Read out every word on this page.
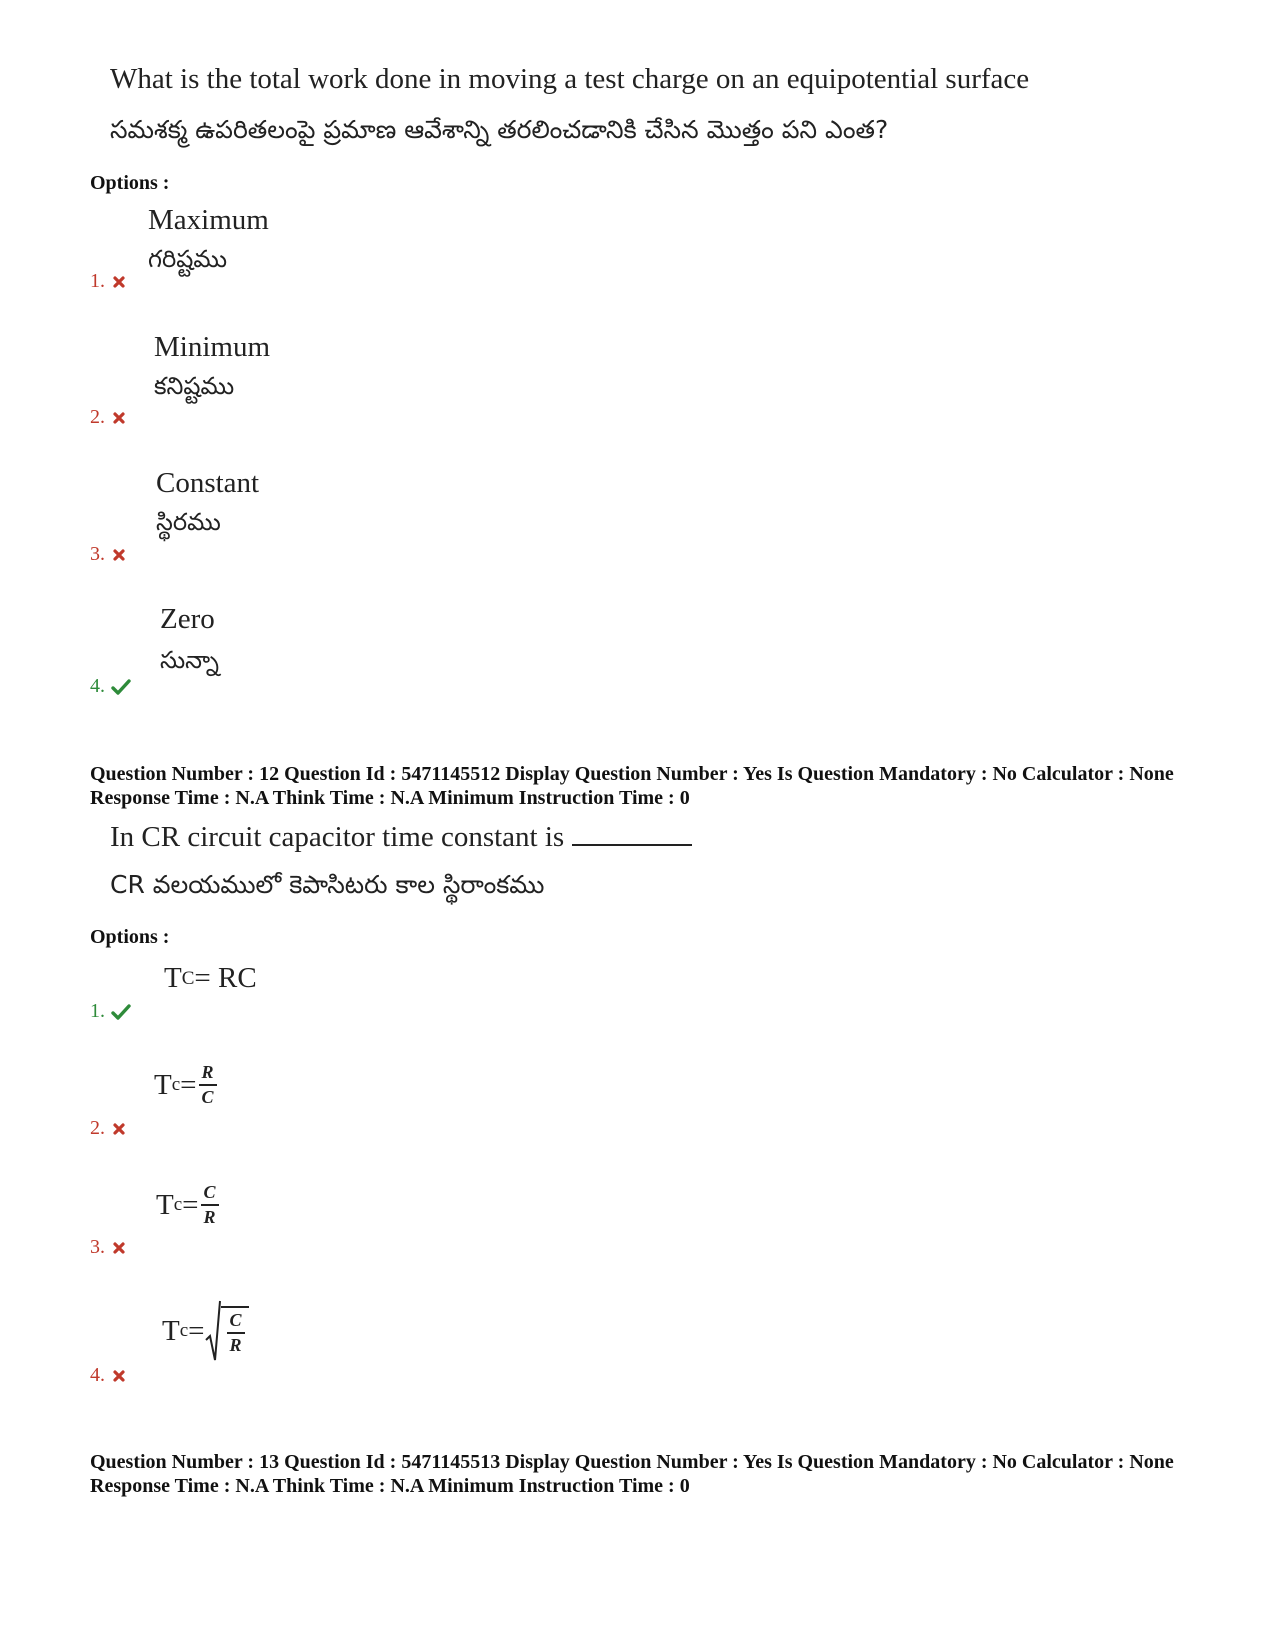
What is the total work done in moving a test charge on an equipotential surface
సమశక్మ ఉపరితలంపై ప్రమాణ ఆవేశాన్ని తరలించడానికి చేసిన మొత్తం పని ఎంత?
Options :
Maximum
గరిష్టము
1.
Minimum
కనిష్టము
2.
Constant
స్థిరము
3.
Zero
సున్నా
4.
Question Number : 12 Question Id : 5471145512 Display Question Number : Yes Is Question Mandatory : No Calculator : None Response Time : N.A Think Time : N.A Minimum Instruction Time : 0
In CR circuit capacitor time constant is
CR వలయములో కెపాసిటరు కాల స్థిరాంకము
Options :
T C = RC
1.
T $c = \frac{R}{C}$
2.
T $c = \frac{C}{R}$
3.
T $c = \frac{C}{R}$
4.
Question Number : 13 Question Id : 5471145513 Display Question Number : Yes Is Question Mandatory : No Calculator : None Response Time : N.A Think Time : N.A Minimum Instruction Time : 0
